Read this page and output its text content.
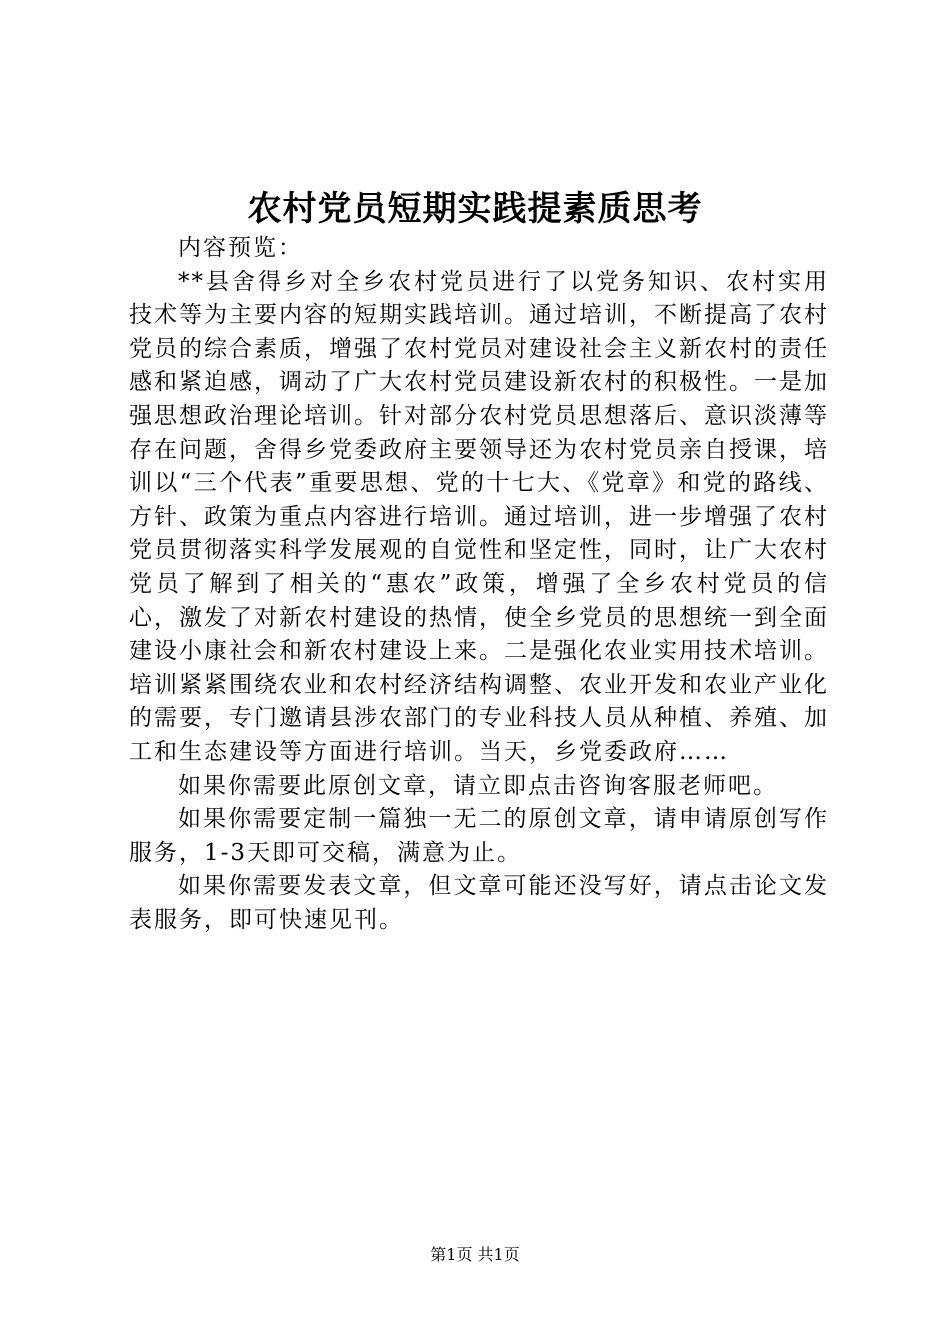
农村党员短期实践提素质思考

内容预览：

**县舍得乡对全乡农村党员进行了以党务知识、农村实用技术等为主要内容的短期实践培训。通过培训，不断提高了农村党员的综合素质，增强了农村党员对建设社会主义新农村的责任感和紧迫感，调动了广大农村党员建设新农村的积极性。一是加强思想政治理论培训。针对部分农村党员思想落后、意识淡薄等存在问题，舍得乡党委政府主要领导还为农村党员亲自授课，培训以“三个代表”重要思想、党的十七大、《党章》和党的路线、方针、政策为重点内容进行培训。通过培训，进一步增强了农村党员贯彻落实科学发展观的自觉性和坚定性，同时，让广大农村党员了解到了相关的“惠农”政策，增强了全乡农村党员的信心，激发了对新农村建设的热情，使全乡党员的思想统一到全面建设小康社会和新农村建设上来。二是强化农业实用技术培训。培训紧紧围绕农业和农村经济结构调整、农业开发和农业产业化的需要，专门邀请县涉农部门的专业科技人员从种植、养殖、加工和生态建设等方面进行培训。当天，乡党委政府……

如果你需要此原创文章，请立即点击咨询客服老师吧。

如果你需要定制一篇独一无二的原创文章，请申请原创写作服务，1-3天即可交稿，满意为止。

如果你需要发表文章，但文章可能还没写好，请点击论文发表服务，即可快速见刊。

第1页 共1页
